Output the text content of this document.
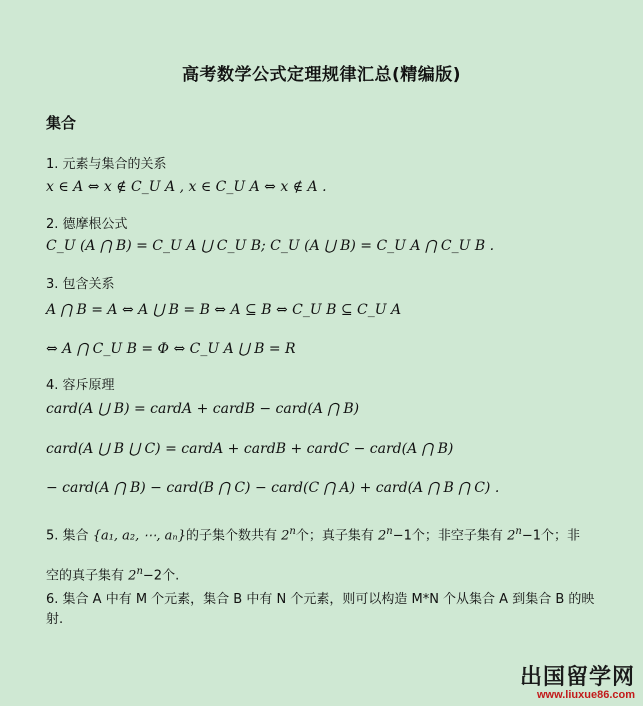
高考数学公式定理规律汇总(精编版)
集合
1. 元素与集合的关系
x ∈ A ⇔ x ∉ C_U A , x ∈ C_U A ⇔ x ∉ A .
2. 德摩根公式
C_U (A ⋂ B) = C_U A ⋃ C_U B; C_U (A ⋃ B) = C_U A ⋂ C_U B .
3. 包含关系
A ⋂ B = A ⇔ A ⋃ B = B ⇔ A ⊆ B ⇔ C_U B ⊆ C_U A
⇔ A ⋂ C_U B = Φ ⇔ C_U A ⋃ B = R
4. 容斥原理
card(A ⋃ B) = cardA + cardB − card(A ⋂ B)
card(A ⋃ B ⋃ C) = cardA + cardB + cardC − card(A ⋂ B)
− card(A ⋂ B) − card(B ⋂ C) − card(C ⋂ A) + card(A ⋂ B ⋂ C) .
5. 集合 {a₁, a₂, ⋯, aₙ}的子集个数共有 2$^n$个；真子集有 $2^n-1$个；非空子集有 $2^n-1$个；非
空的真子集有 $2^n-2$个.
6. 集合 A 中有 M 个元素，集合 B 中有 N 个元素，则可以构造 M*N 个从集合 A 到集合 B 的映射.
出国留学网
www.liuxue86.com
